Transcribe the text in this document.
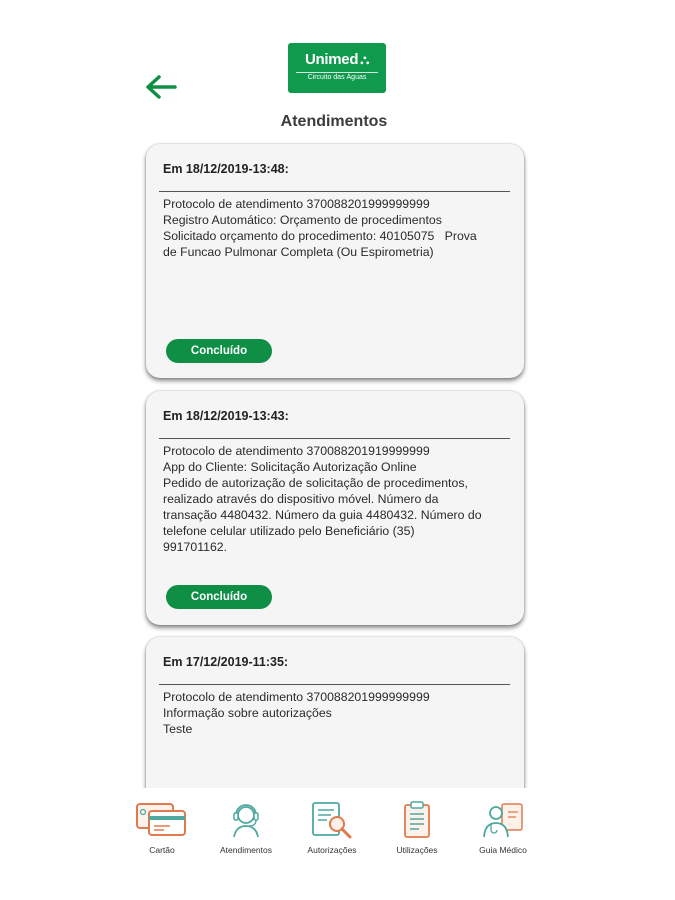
Unimed ⛬
Circuito das Águas
Atendimentos
Em 18/12/2019-13:48:
Protocolo de atendimento 370088201999999999
Registro Automático: Orçamento de procedimentos
Solicitado orçamento do procedimento: 40105075   Prova
de Funcao Pulmonar Completa (Ou Espirometria)
Concluído
Em 18/12/2019-13:43:
Protocolo de atendimento 370088201919999999
App do Cliente: Solicitação Autorização Online
Pedido de autorização de solicitação de procedimentos,
realizado através do dispositivo móvel. Número da
transação 4480432. Número da guia 4480432. Número do
telefone celular utilizado pelo Beneficiário (35)
991701162.
Concluído
Em 17/12/2019-11:35:
Protocolo de atendimento 370088201999999999
Informação sobre autorizações
Teste
Cartão	Atendimentos	Autorizações	Utilizações	Guia Médico
